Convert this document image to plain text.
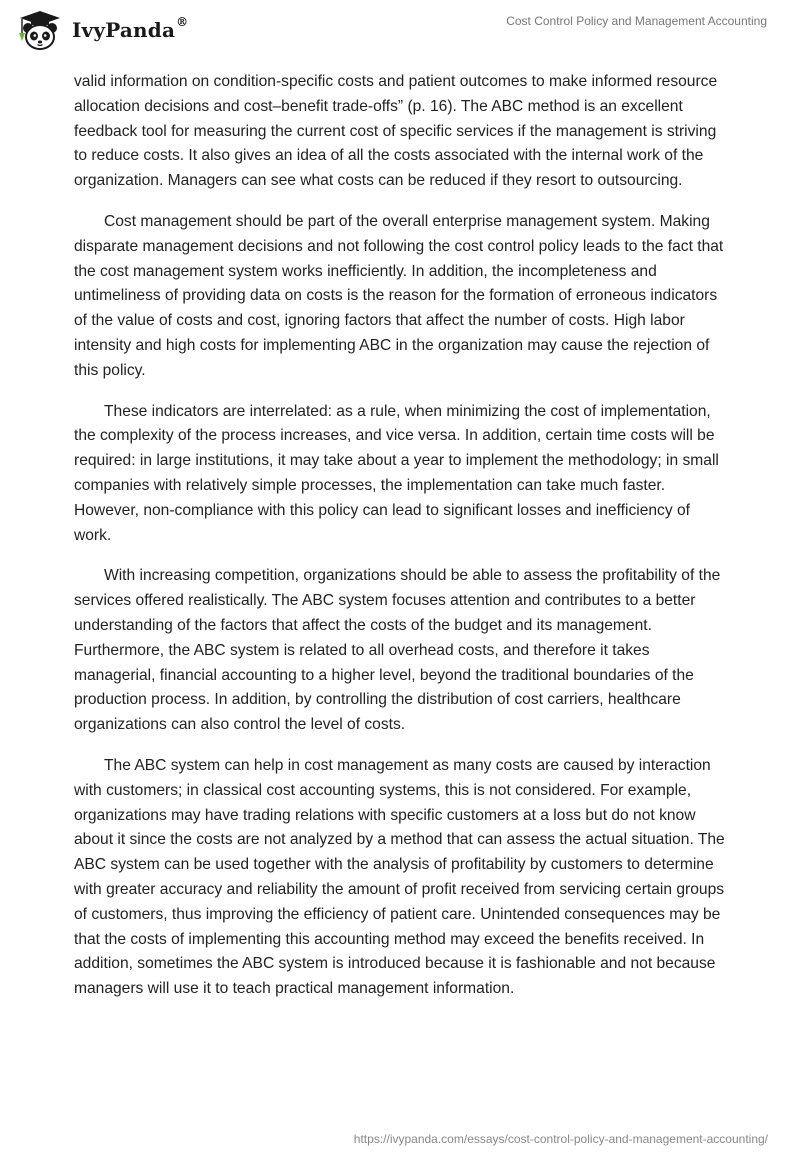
IvyPanda®	Cost Control Policy and Management Accounting

valid information on condition-specific costs and patient outcomes to make informed resource allocation decisions and cost–benefit trade-offs” (p. 16). The ABC method is an excellent feedback tool for measuring the current cost of specific services if the management is striving to reduce costs. It also gives an idea of all the costs associated with the internal work of the organization. Managers can see what costs can be reduced if they resort to outsourcing.

Cost management should be part of the overall enterprise management system. Making disparate management decisions and not following the cost control policy leads to the fact that the cost management system works inefficiently. In addition, the incompleteness and untimeliness of providing data on costs is the reason for the formation of erroneous indicators of the value of costs and cost, ignoring factors that affect the number of costs. High labor intensity and high costs for implementing ABC in the organization may cause the rejection of this policy.

These indicators are interrelated: as a rule, when minimizing the cost of implementation, the complexity of the process increases, and vice versa. In addition, certain time costs will be required: in large institutions, it may take about a year to implement the methodology; in small companies with relatively simple processes, the implementation can take much faster. However, non-compliance with this policy can lead to significant losses and inefficiency of work.

With increasing competition, organizations should be able to assess the profitability of the services offered realistically. The ABC system focuses attention and contributes to a better understanding of the factors that affect the costs of the budget and its management. Furthermore, the ABC system is related to all overhead costs, and therefore it takes managerial, financial accounting to a higher level, beyond the traditional boundaries of the production process. In addition, by controlling the distribution of cost carriers, healthcare organizations can also control the level of costs.

The ABC system can help in cost management as many costs are caused by interaction with customers; in classical cost accounting systems, this is not considered. For example, organizations may have trading relations with specific customers at a loss but do not know about it since the costs are not analyzed by a method that can assess the actual situation. The ABC system can be used together with the analysis of profitability by customers to determine with greater accuracy and reliability the amount of profit received from servicing certain groups of customers, thus improving the efficiency of patient care. Unintended consequences may be that the costs of implementing this accounting method may exceed the benefits received. In addition, sometimes the ABC system is introduced because it is fashionable and not because managers will use it to teach practical management information.

https://ivypanda.com/essays/cost-control-policy-and-management-accounting/
